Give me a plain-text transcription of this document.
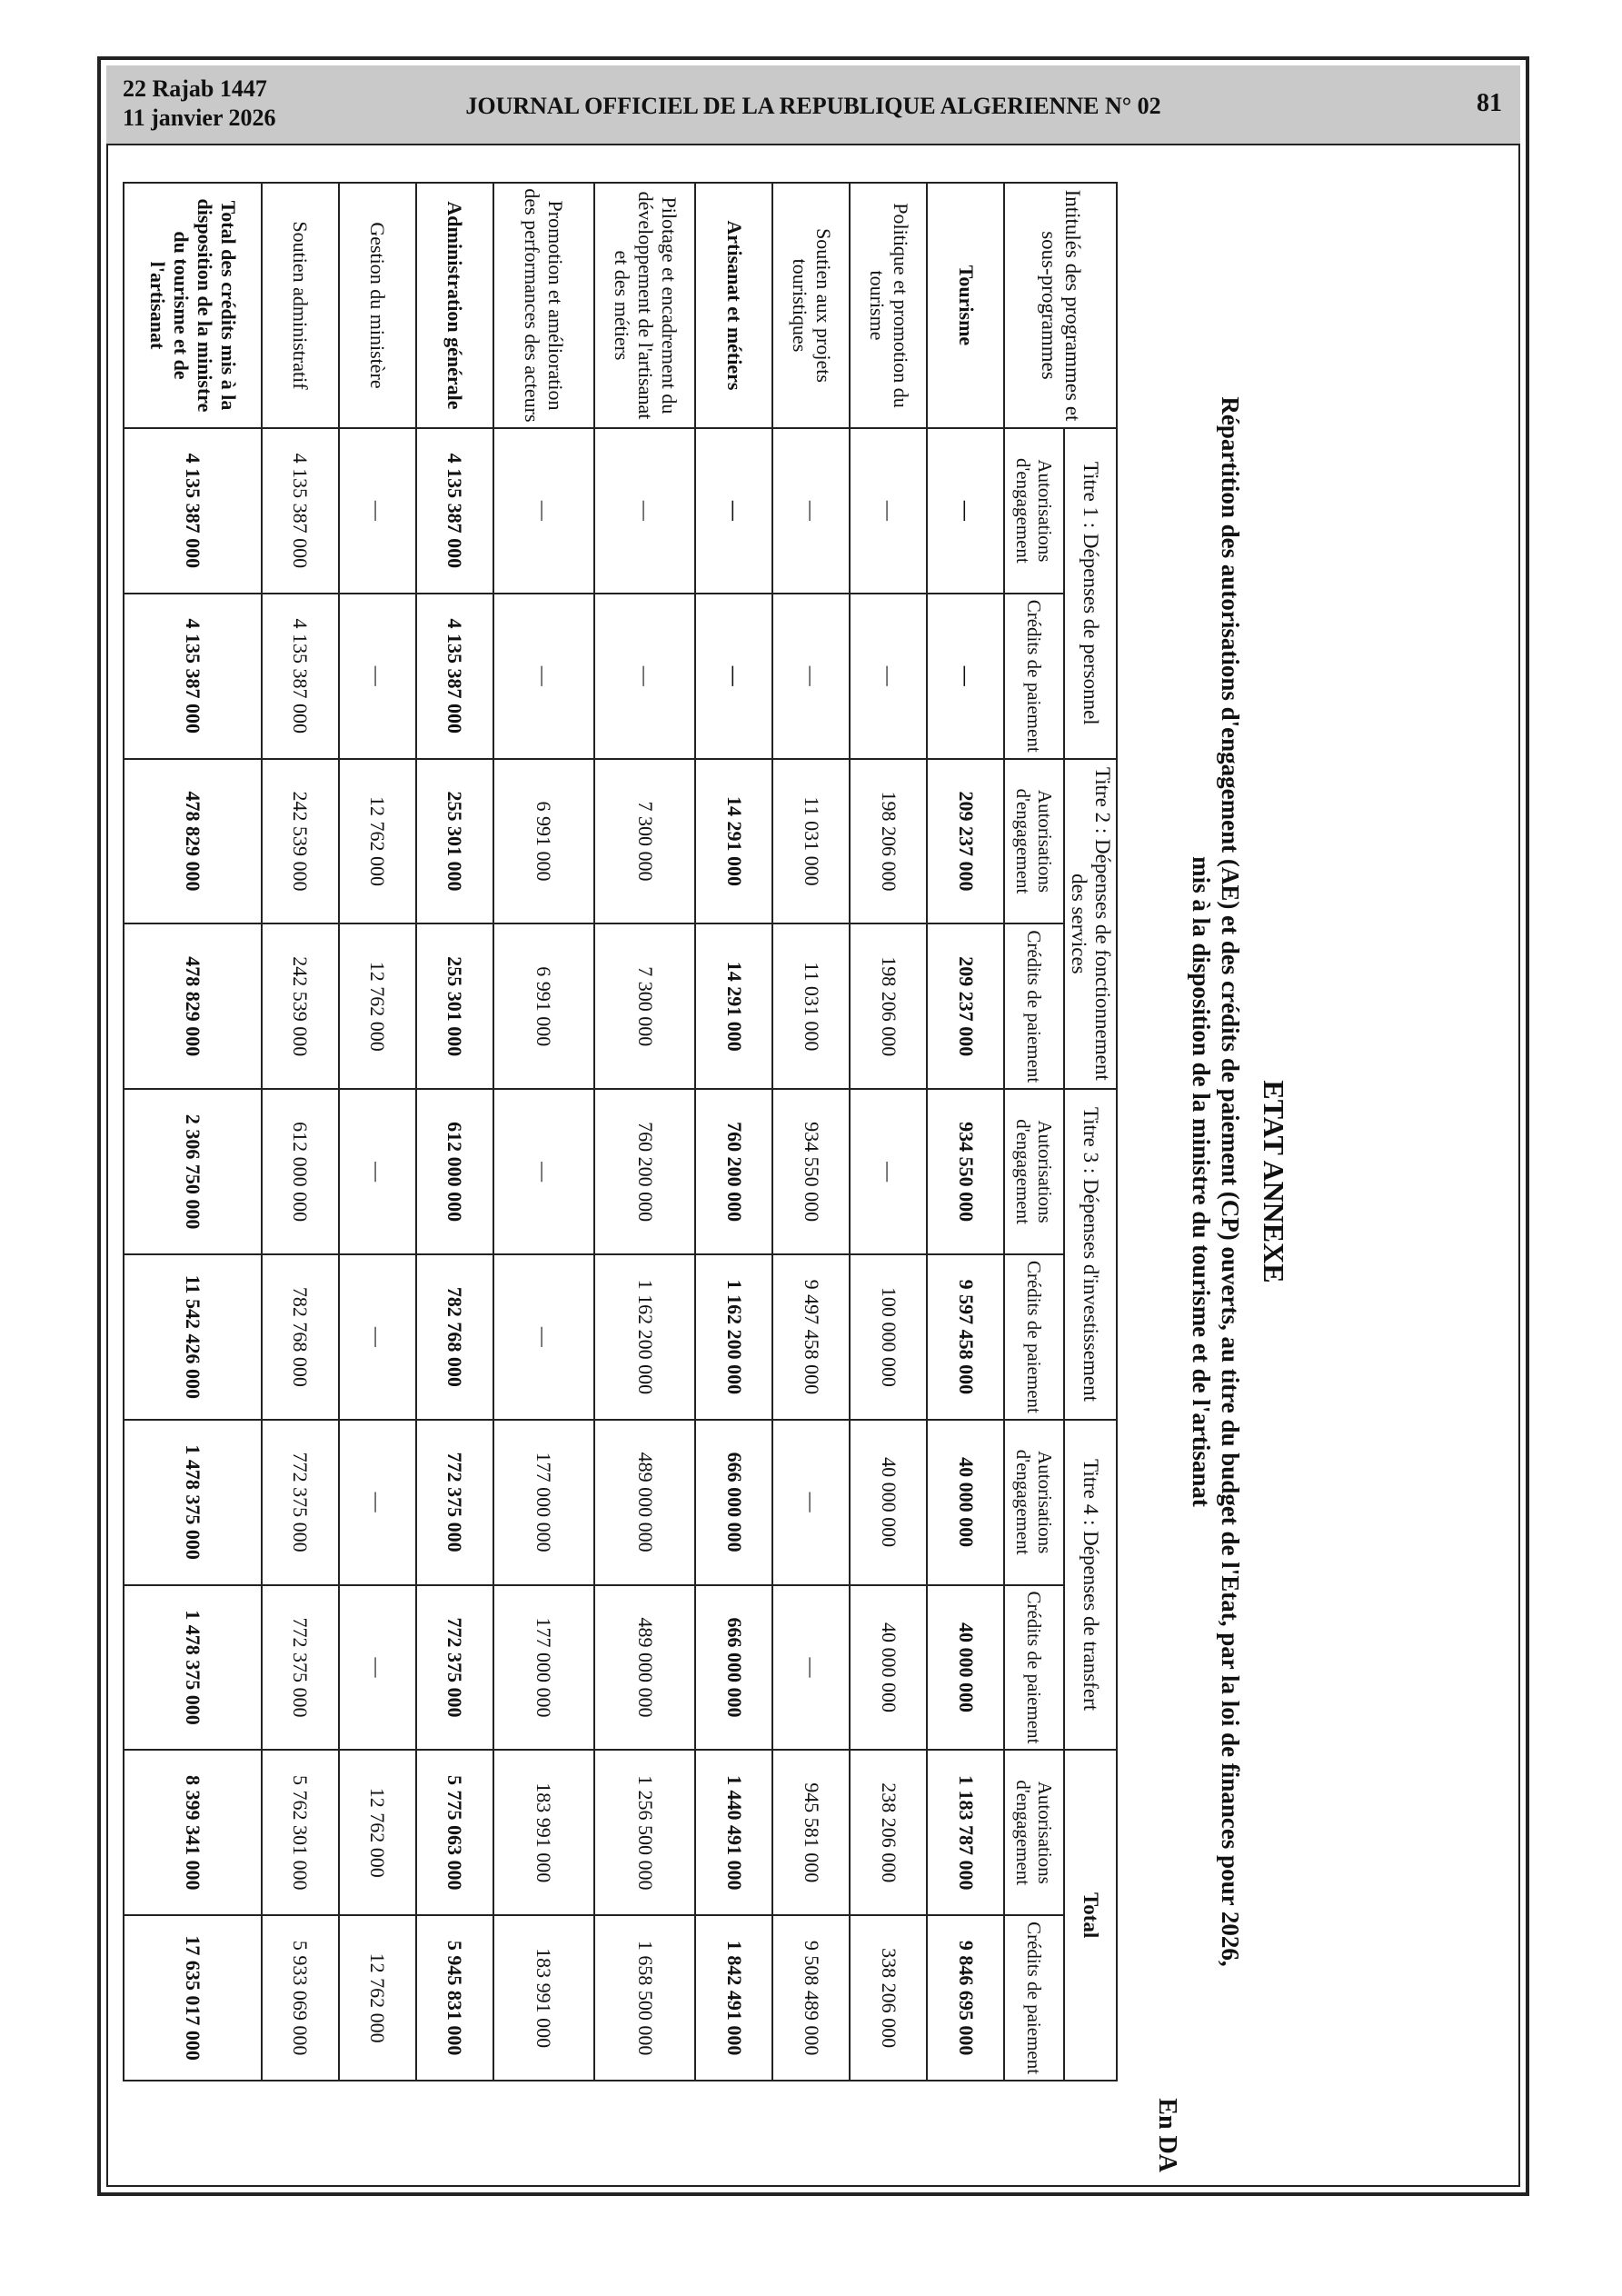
22 Rajab 1447
11 janvier 2026	JOURNAL OFFICIEL DE LA REPUBLIQUE ALGERIENNE N° 02	81
ETAT ANNEXE
Répartition des autorisations d'engagement (AE) et des crédits de paiement (CP) ouverts, au titre du budget de l'Etat, par la loi de finances pour 2026,
mis à la disposition de la ministre du tourisme et de l'artisanat
En DA
Intitulés des programmes et sous-programmes	Titre 1 : Dépenses de personnel		Titre 2 : Dépenses de fonctionnement des services		Titre 3 : Dépenses d'investissement		Titre 4 : Dépenses de transfert		Total	
	Autorisations d'engagement	Crédits de paiement	Autorisations d'engagement	Crédits de paiement	Autorisations d'engagement	Crédits de paiement	Autorisations d'engagement	Crédits de paiement	Autorisations d'engagement	Crédits de paiement
Tourisme	—	—	209 237 000	209 237 000	934 550 000	9 597 458 000	40 000 000	40 000 000	1 183 787 000	9 846 695 000
Politique et promotion du tourisme	—	—	198 206 000	198 206 000	—	100 000 000	40 000 000	40 000 000	238 206 000	338 206 000
Soutien aux projets touristiques	—	—	11 031 000	11 031 000	934 550 000	9 497 458 000	—	—	945 581 000	9 508 489 000
Artisanat et métiers	—	—	14 291 000	14 291 000	760 200 000	1 162 200 000	666 000 000	666 000 000	1 440 491 000	1 842 491 000
Pilotage et encadrement du développement de l'artisanat et des métiers	—	—	7 300 000	7 300 000	760 200 000	1 162 200 000	489 000 000	489 000 000	1 256 500 000	1 658 500 000
Promotion et amélioration des performances des acteurs	—	—	6 991 000	6 991 000	—	—	177 000 000	177 000 000	183 991 000	183 991 000
Administration générale	4 135 387 000	4 135 387 000	255 301 000	255 301 000	612 000 000	782 768 000	772 375 000	772 375 000	5 775 063 000	5 945 831 000
Gestion du ministère	—	—	12 762 000	12 762 000	—	—	—	—	12 762 000	12 762 000
Soutien administratif	4 135 387 000	4 135 387 000	242 539 000	242 539 000	612 000 000	782 768 000	772 375 000	772 375 000	5 762 301 000	5 933 069 000
Total des crédits mis à la disposition de la ministre du tourisme et de l'artisanat	4 135 387 000	4 135 387 000	478 829 000	478 829 000	2 306 750 000	11 542 426 000	1 478 375 000	1 478 375 000	8 399 341 000	17 635 017 000
